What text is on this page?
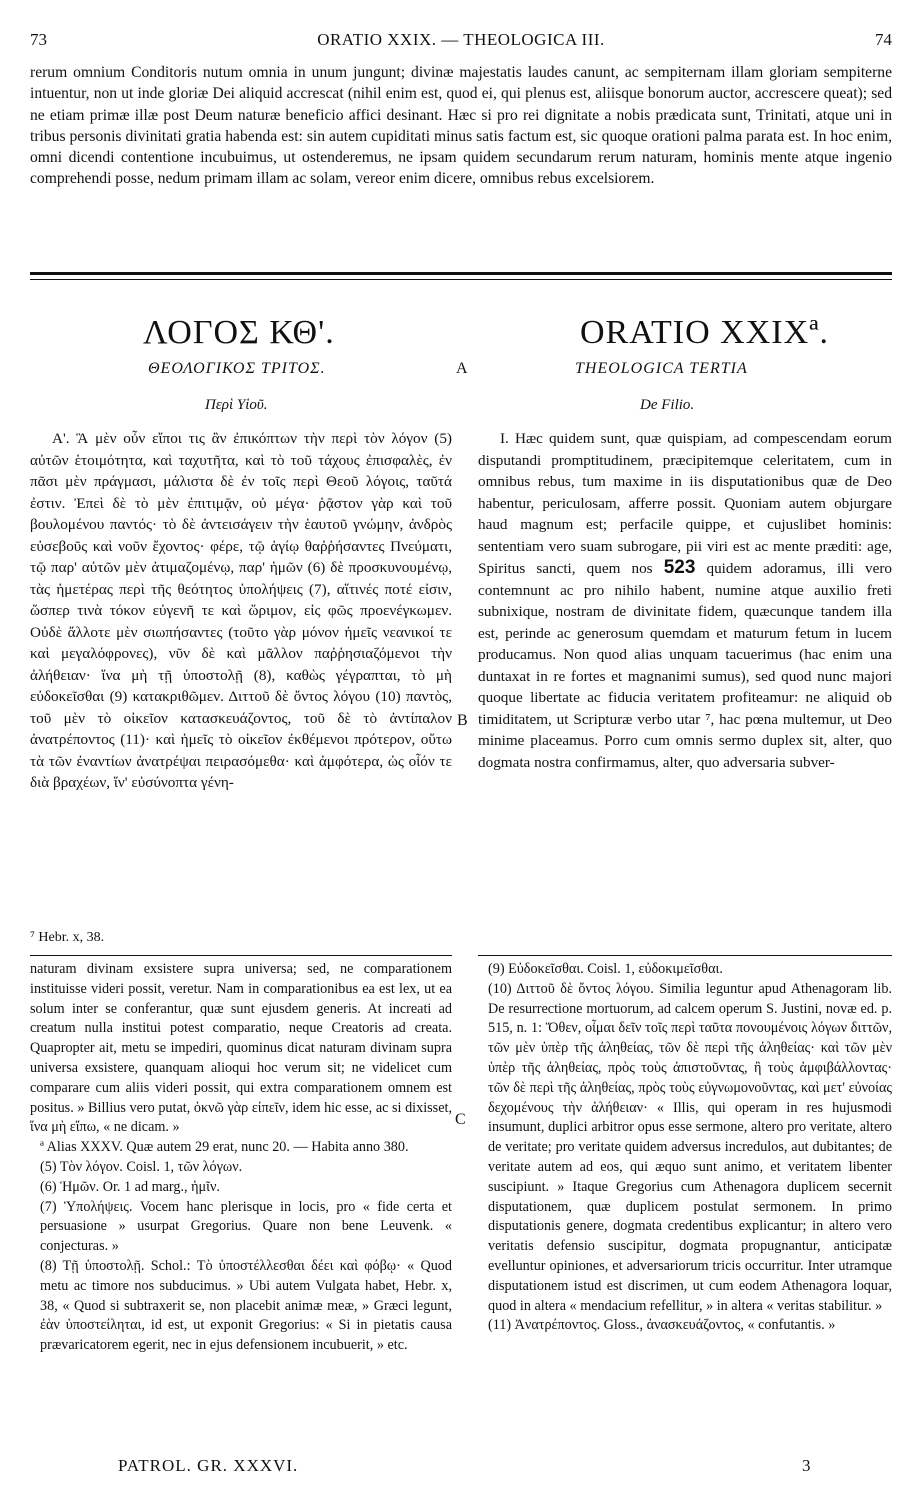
73	ORATIO XXIX. — THEOLOGICA III.	74
rerum omnium Conditoris nutum omnia in unum jungunt; divinæ majestatis laudes canunt, ac sempiternam illam gloriam sempiterne intuentur, non ut inde gloriæ Dei aliquid accrescat (nihil enim est, quod ei, qui plenus est, aliisque bonorum auctor, accrescere queat); sed ne etiam primæ illæ post Deum naturæ beneficio affici desinant. Hæc si pro rei dignitate a nobis prædicata sunt, Trinitati, atque uni in tribus personis divinitati gratia habenda est: sin autem cupiditati minus satis factum est, sic quoque orationi palma parata est. In hoc enim, omni dicendi contentione incubuimus, ut ostenderemus, ne ipsam quidem secundarum rerum naturam, hominis mente atque ingenio comprehendi posse, nedum primam illam ac solam, vereor enim dicere, omnibus rebus excelsiorem.
ΛΟΓΟΣ ΚΘ'.	ORATIO XXIXª.
ΘΕΟΛΟΓΙΚΟΣ ΤΡΙΤΟΣ.	A	THEOLOGICA TERTIA
Περὶ Υἱοῦ.	De Filio.

Α'. Ἃ μὲν οὖν εἴποι τις ἂν ἐπικόπτων τὴν περὶ τὸν λόγον (5) αὐτῶν ἑτοιμότητα, καὶ ταχυτῆτα, καὶ τὸ τοῦ τάχους ἐπισφαλὲς, ἐν πᾶσι μὲν πράγμασι, μάλιστα δὲ ἐν τοῖς περὶ Θεοῦ λόγοις, ταῦτά ἐστιν. Ἐπεὶ δὲ τὸ μὲν ἐπιτιμᾷν, οὐ μέγα· ῥᾷστον γὰρ καὶ τοῦ βουλομένου παντός· τὸ δὲ ἀντεισάγειν τὴν ἑαυτοῦ γνώμην, ἀνδρὸς εὐσεβοῦς καὶ νοῦν ἔχοντος· φέρε, τῷ ἁγίῳ θαῤῥήσαντες Πνεύματι, τῷ παρ' αὐτῶν μὲν ἀτιμαζομένῳ, παρ' ἡμῶν (6) δὲ προσκυνουμένῳ, τὰς ἡμετέρας περὶ τῆς θεότητος ὑπολήψεις (7), αἵτινές ποτέ εἰσιν, ὥσπερ τινὰ τόκον εὐγενῆ τε καὶ ὥριμον, εἰς φῶς προενέγκωμεν. Οὐδὲ ἄλλοτε μὲν σιωπήσαντες (τοῦτο γὰρ μόνον ἡμεῖς νεανικοί τε καὶ μεγαλόφρονες), νῦν δὲ καὶ μᾶλλον παῤῥησιαζόμενοι τὴν ἀλήθειαν· ἵνα μὴ τῇ ὑποστολῇ (8), καθὼς γέγραπται, τὸ μὴ εὐδοκεῖσθαι (9) κατακριθῶμεν. Διττοῦ δὲ ὄντος λόγου (10) παντὸς, τοῦ μὲν τὸ οἰκεῖον κατασκευάζοντος, τοῦ δὲ τὸ ἀντίπαλον ἀνατρέποντος (11)· καὶ ἡμεῖς τὸ οἰκεῖον ἐκθέμενοι πρότερον, οὕτω τὰ τῶν ἐναντίων ἀνατρέψαι πειρασόμεθα· καὶ ἀμφότερα, ὡς οἷόν τε διὰ βραχέων, ἵν' εὐσύνοπτα γένη-

B

I. Hæc quidem sunt, quæ quispiam, ad compescendam eorum disputandi promptitudinem, præcipitemque celeritatem, cum in omnibus rebus, tum maxime in iis disputationibus quæ de Deo habentur, periculosam, afferre possit. Quoniam autem objurgare haud magnum est; perfacile quippe, et cujuslibet hominis: sententiam vero suam subrogare, pii viri est ac mente præditi: age, Spiritus sancti, quem nos 523 quidem adoramus, illi vero contemnunt ac pro nihilo habent, numine atque auxilio freti subnixique, nostram de divinitate fidem, quæcunque tandem illa est, perinde ac generosum quemdam et maturum fetum in lucem producamus. Non quod alias unquam tacuerimus (hac enim una duntaxat in re fortes et magnanimi sumus), sed quod nunc majori quoque libertate ac fiducia veritatem profiteamur: ne aliquid ob timiditatem, ut Scripturæ verbo utar ⁷, hac pœna multemur, ut Deo minime placeamus. Porro cum omnis sermo duplex sit, alter, quo dogmata nostra confirmamus, alter, quo adversaria subver-

⁷ Hebr. x, 38.

naturam divinam exsistere supra universa; sed, ne comparationem instituisse videri possit, veretur. Nam in comparationibus ea est lex, ut ea solum inter se conferantur, quæ sunt ejusdem generis. At increati ad creatum nulla institui potest comparatio, neque Creatoris ad creata. Quapropter ait, metu se impediri, quominus dicat naturam divinam supra universa exsistere, quanquam alioqui hoc verum sit; ne videlicet cum comparare cum aliis videri possit, qui extra comparationem omnem est positus. » Billius vero putat, ὀκνῶ γὰρ εἰπεῖν, idem hic esse, ac si dixisset, ἵνα μὴ εἴπω, « ne dicam. »

ª Alias XXXV. Quæ autem 29 erat, nunc 20. — Habita anno 380.

(5) Τὸν λόγον. Coisl. 1, τῶν λόγων.

(6) Ἡμῶν. Or. 1 ad marg., ἡμῖν.

(7) Ὑπολήψεις. Vocem hanc plerisque in locis, pro « fide certa et persuasione » usurpat Gregorius. Quare non bene Leuvenk. « conjecturas. »

(8) Τῇ ὑποστολῇ. Schol.: Τὸ ὑποστέλλεσθαι δέει καὶ φόβῳ· « Quod metu ac timore nos subducimus. » Ubi autem Vulgata habet, Hebr. x, 38, « Quod si subtraxerit se, non placebit animæ meæ, » Græci legunt, ἐὰν ὑποστείληται, id est, ut exponit Gregorius: « Si in pietatis causa prævaricatorem egerit, nec in ejus defensionem incubuerit, » etc.

C

(9) Εὐδοκεῖσθαι. Coisl. 1, εὐδοκιμεῖσθαι.

(10) Διττοῦ δὲ ὄντος λόγου. Similia leguntur apud Athenagoram lib. De resurrectione mortuorum, ad calcem operum S. Justini, novæ ed. p. 515, n. 1: Ὅθεν, οἶμαι δεῖν τοῖς περὶ ταῦτα πονουμένοις λόγων διττῶν, τῶν μὲν ὑπὲρ τῆς ἀληθείας, τῶν δὲ περὶ τῆς ἀληθείας· καὶ τῶν μὲν ὑπὲρ τῆς ἀληθείας, πρὸς τοὺς ἀπιστοῦντας, ἢ τοὺς ἀμφιβάλλοντας· τῶν δὲ περὶ τῆς ἀληθείας, πρὸς τοὺς εὐγνωμονοῦντας, καὶ μετ' εὐνοίας δεχομένους τὴν ἀλήθειαν· « Illis, qui operam in res hujusmodi insumunt, duplici arbitror opus esse sermone, altero pro veritate, altero de veritate; pro veritate quidem adversus incredulos, aut dubitantes; de veritate autem ad eos, qui æquo sunt animo, et veritatem libenter suscipiunt. » Itaque Gregorius cum Athenagora duplicem secernit disputationem, quæ duplicem postulat sermonem. In primo disputationis genere, dogmata credentibus explicantur; in altero vero veritatis defensio suscipitur, dogmata propugnantur, anticipatæ evelluntur opiniones, et adversariorum tricis occurritur. Inter utramque disputationem istud est discrimen, ut cum eodem Athenagora loquar, quod in altera « mendacium refellitur, » in altera « veritas stabilitur. »

(11) Ἀνατρέποντος. Gloss., ἀνασκευάζοντος, « confutantis. »

PATROL. GR. XXXVI.	3
